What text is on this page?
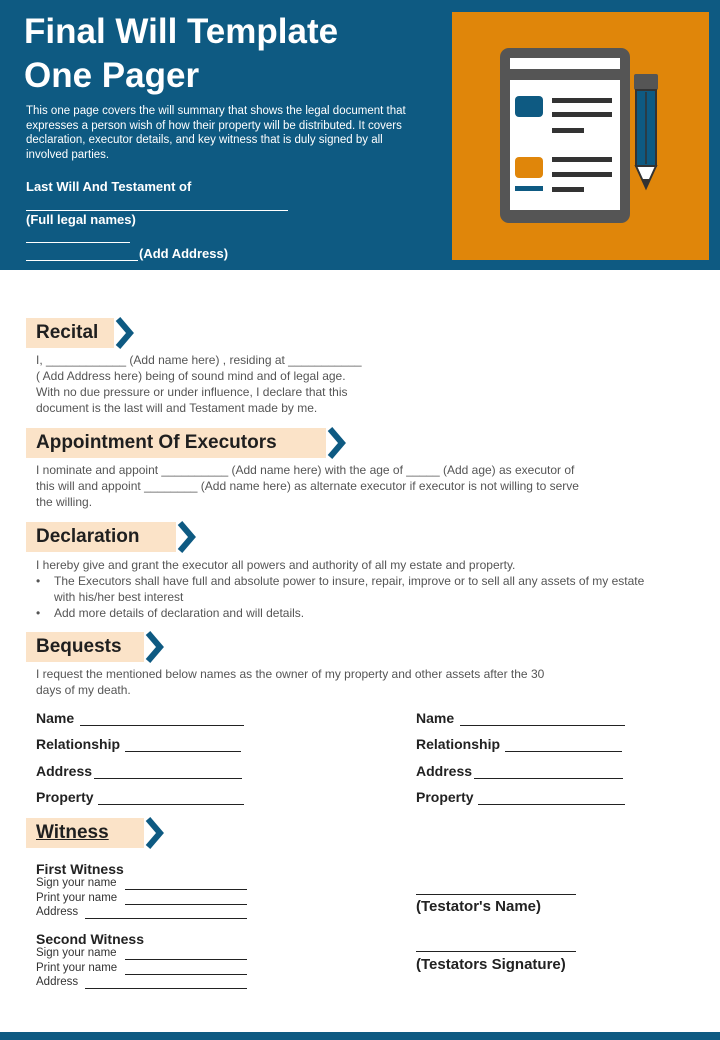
Final Will Template
One Pager
This one page covers the will summary that shows the legal document that expresses a person wish of how their property will be distributed. It covers declaration, executor details, and key witness that is duly signed by all involved parties.
Last Will And Testament of
(Full legal names)
(Add Address)
Recital
I, ____________ (Add name here) , residing at ___________
( Add Address here) being of sound mind and of legal age.
With no due pressure or under influence, I declare that this
document is the last will and Testament made by me.
Appointment Of Executors
I nominate and appoint __________ (Add name here) with the age of _____ (Add age) as executor of
this will and appoint ________ (Add name here) as alternate executor if executor is not willing to serve
the willing.
Declaration
I hereby give and grant the executor all powers and authority of all my estate and property.
• The Executors shall have full and absolute power to insure, repair, improve or to sell all any assets of my estate with his/her best interest
• Add more details of declaration and will details.
Bequests
I request the mentioned below names as the owner of my property and other assets after the 30
days of my death.
Name
Relationship
Address
Property
Name
Relationship
Address
Property
Witness
First Witness
Sign your name
Print your name
Address
Second Witness
Sign your name
Print your name
Address
(Testator's Name)
(Testators Signature)
